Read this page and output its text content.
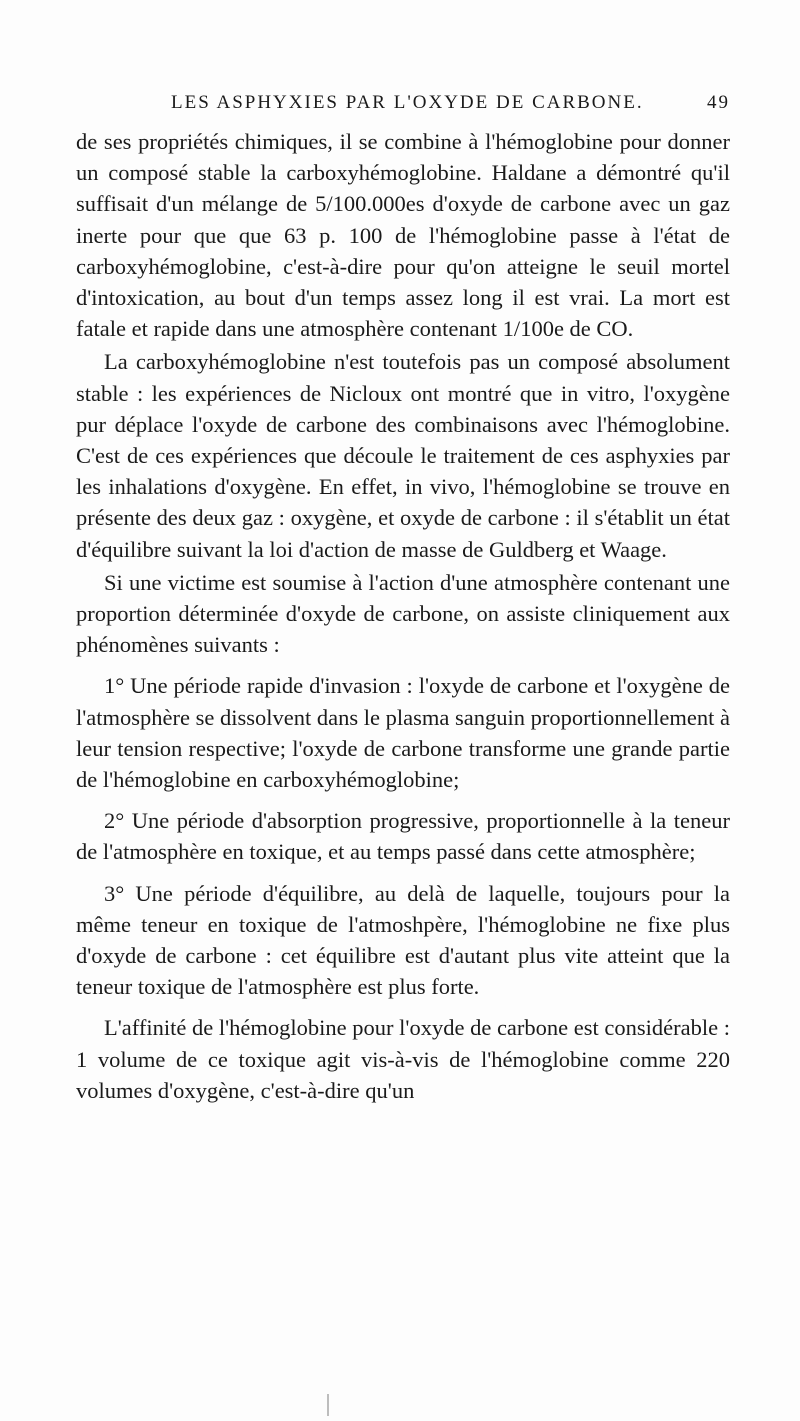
LES ASPHYXIES PAR L'OXYDE DE CARBONE.	49

de ses propriétés chimiques, il se combine à l'hémoglobine pour donner un composé stable la carboxyhémoglobine. Haldane a démontré qu'il suffisait d'un mélange de 5/100.000es d'oxyde de carbone avec un gaz inerte pour que que 63 p. 100 de l'hémoglobine passe à l'état de carboxyhémoglobine, c'est-à-dire pour qu'on atteigne le seuil mortel d'intoxication, au bout d'un temps assez long il est vrai. La mort est fatale et rapide dans une atmosphère contenant 1/100e de CO.

La carboxyhémoglobine n'est toutefois pas un composé absolument stable : les expériences de Nicloux ont montré que in vitro, l'oxygène pur déplace l'oxyde de carbone des combinaisons avec l'hémoglobine. C'est de ces expériences que découle le traitement de ces asphyxies par les inhalations d'oxygène. En effet, in vivo, l'hémoglobine se trouve en présente des deux gaz : oxygène, et oxyde de carbone : il s'établit un état d'équilibre suivant la loi d'action de masse de Guldberg et Waage.

Si une victime est soumise à l'action d'une atmosphère contenant une proportion déterminée d'oxyde de carbone, on assiste cliniquement aux phénomènes suivants :

1° Une période rapide d'invasion : l'oxyde de carbone et l'oxygène de l'atmosphère se dissolvent dans le plasma sanguin proportionnellement à leur tension respective; l'oxyde de carbone transforme une grande partie de l'hémoglobine en carboxyhémoglobine;

2° Une période d'absorption progressive, proportionnelle à la teneur de l'atmosphère en toxique, et au temps passé dans cette atmosphère;

3° Une période d'équilibre, au delà de laquelle, toujours pour la même teneur en toxique de l'atmoshpère, l'hémoglobine ne fixe plus d'oxyde de carbone : cet équilibre est d'autant plus vite atteint que la teneur toxique de l'atmosphère est plus forte.

L'affinité de l'hémoglobine pour l'oxyde de carbone est considérable : 1 volume de ce toxique agit vis-à-vis de l'hémoglobine comme 220 volumes d'oxygène, c'est-à-dire qu'un
